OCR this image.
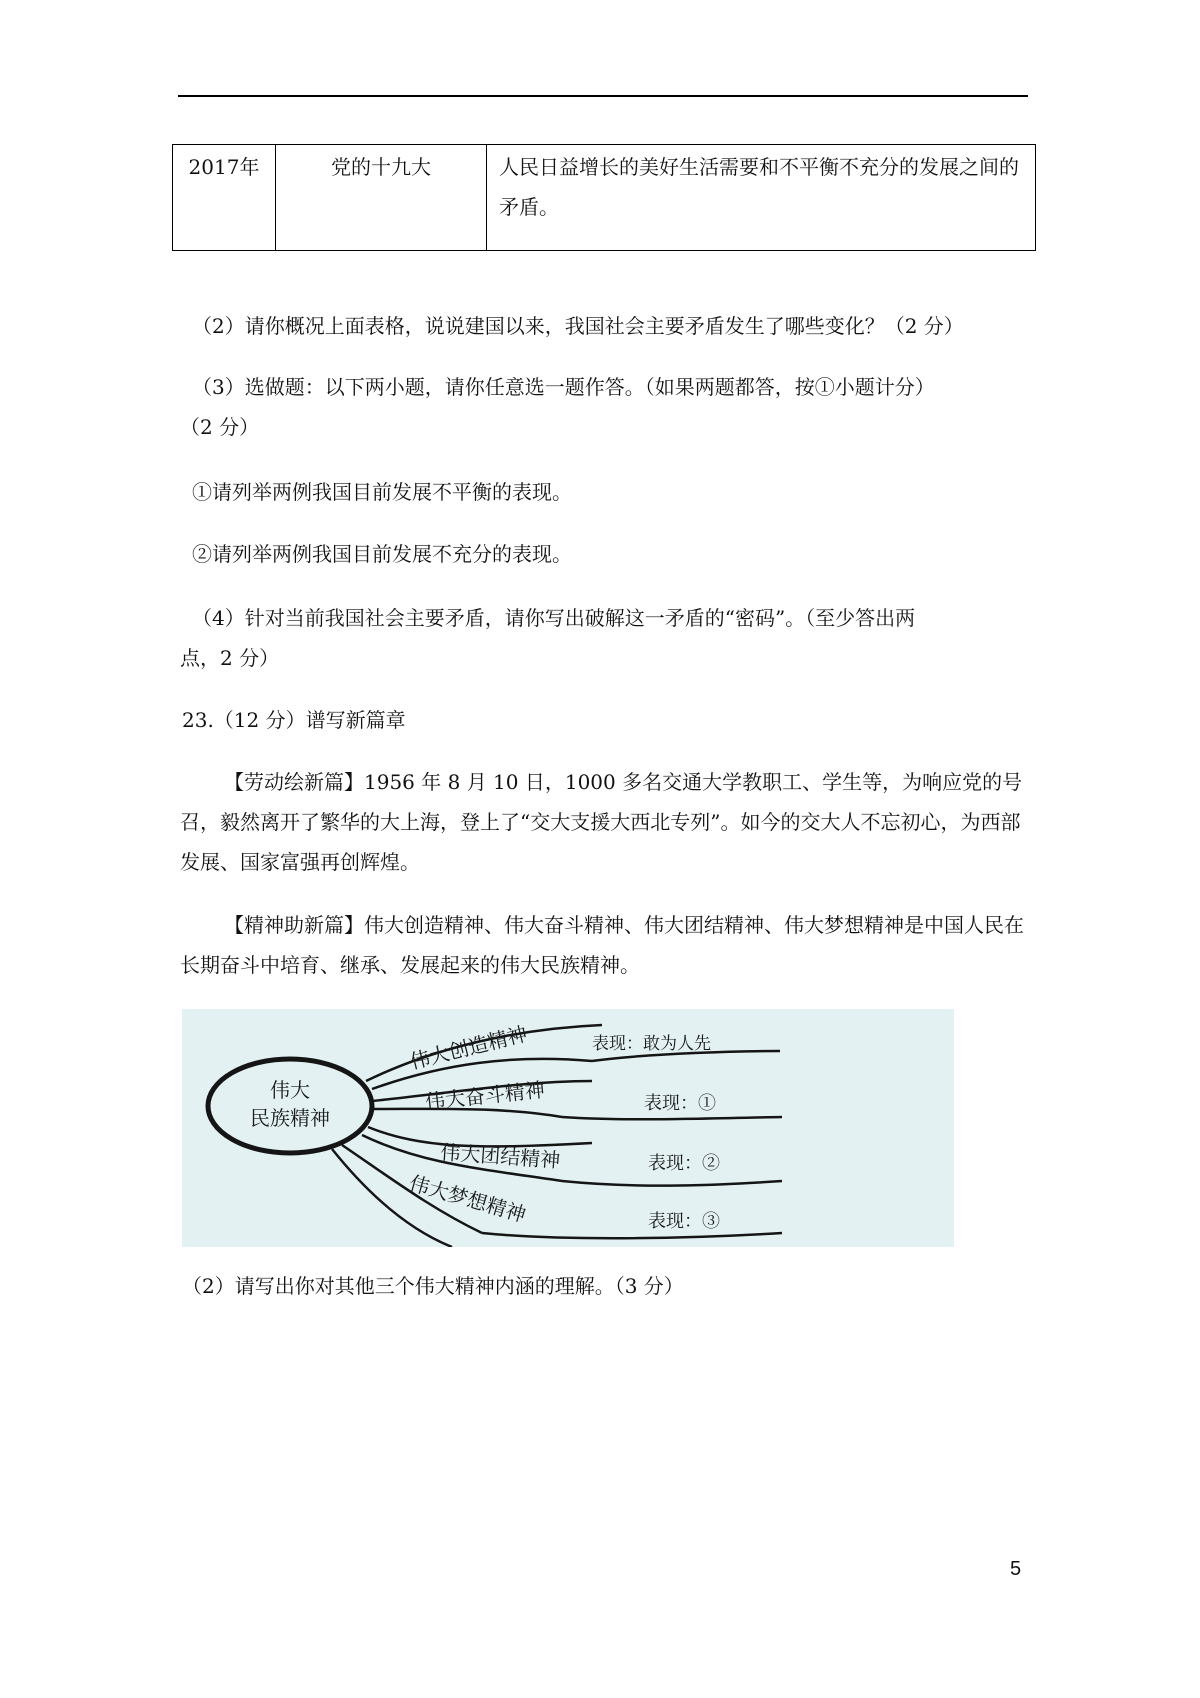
2017年	党的十九大	人民日益增长的美好生活需要和不平衡不充分的发展之间的矛盾。

（2）请你概况上面表格，说说建国以来，我国社会主要矛盾发生了哪些变化？（2 分）

（3）选做题：以下两小题，请你任意选一题作答。（如果两题都答，按①小题计分）

（2 分）

①请列举两例我国目前发展不平衡的表现。

②请列举两例我国目前发展不充分的表现。

（4）针对当前我国社会主要矛盾，请你写出破解这一矛盾的“密码”。（至少答出两

点，2 分）

23.（12 分）谱写新篇章

【劳动绘新篇】1956 年 8 月 10 日，1000 多名交通大学教职工、学生等，为响应党的号召，毅然离开了繁华的大上海，登上了“交大支援大西北专列”。如今的交大人不忘初心，为西部发展、国家富强再创辉煌。

【精神助新篇】伟大创造精神、伟大奋斗精神、伟大团结精神、伟大梦想精神是中国人民在长期奋斗中培育、继承、发展起来的伟大民族精神。

伟大
民族精神
伟大创造精神
伟大奋斗精神
伟大团结精神
伟大梦想精神
表现：敢为人先
表现：①
表现：②
表现：③

（2）请写出你对其他三个伟大精神内涵的理解。（3 分）

5
